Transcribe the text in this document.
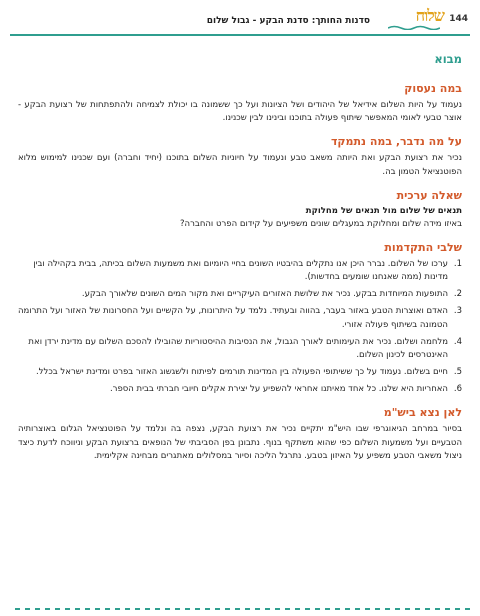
144
שלוח
סדנות החותך: סדנת הבקע - גבול שלום
מבוא
במה נעסוק

נעמוד על היות השלום אידיאל של היהודים ושל הציונות ועל כך ששמונה בו יכולת לצמיחה ולהתפתחות של רצועת הבקע - אוצר טבעי לאומי המאפשר שיתוף פעולה בתוכנו ובינינו לבין שכנינו.

על מה נדבר, במה נתמקד

נכיר את רצועת הבקע ואת היותה משאב טבע ונעמוד על חיוניות השלום בתוכנו (יחיד וחברה) ועם שכנינו למימוש מלוא הפוטנציאל הטמון בה.

שאלה ערכית
תנאים של שלום מול תנאים של מחלוקת

באיזו מידה שלום ומחלוקת במעגלים שונים משפיעים על קידום הפרט והחברה?

שלבי התקדמות
1.
ערכו של השלום. נברר היכן אנו נתקלים בהיבטיו השונים בחיי היומיום ואת משמעות השלום בכיתה, בבית בקהילה ובין מדינות (ממה שאנחנו שומעים בחדשות).
2.
התופעות המיוחדות בבקע. נכיר את שלושת האזורים העיקריים ואת מקור המים השונים שלאורך הבקע.
3.
האדם ואוצרות הטבע באזור בעבר, בהווה ובעתיד. נלמד על היתרונות, על הקשיים ועל החסרונות של האזור ועל התרומה הטמונה בשיתוף פעולה אזורי.
4.
מלחמה ושלום. נכיר את העימותים לאורך הגבול, את הנסיבות ההיסטוריות שהובילו להסכם השלום עם מדינת ירדן ואת האינטרסים לכינון השלום.
5.
חיים בשלום. נעמוד על כך ששיתופי הפעולה בין המדינות תורמים לפיתוח ולשגשוג האזור בפרט ומדינת ישראל בכלל.
6.
האחריות היא שלנו. כל אחד מאיתנו אחראי להשפיע על יצירת אקלים חיובי חברתי בבית הספר.
לאן נצא ביש"מ

בסיור במרחב הגיאוגרפי שבו היש"מ יתקיים נכיר את רצועת הבקע, נצפה בה ונלמד על הפוטנציאל הגלום באוצרותיה הטבעיים ועל משמעות השלום כפי שהוא משתקף בנוף. נתבונן בפן הסביבתי של הנופאים ברצועת הבקע וניווכח לדעת כיצד ניצול משאבי הטבע משפיע על האיזון בטבע. נתרגל הליכה וסיור במסלולים מאתגרים מבחינה אקלימית.
